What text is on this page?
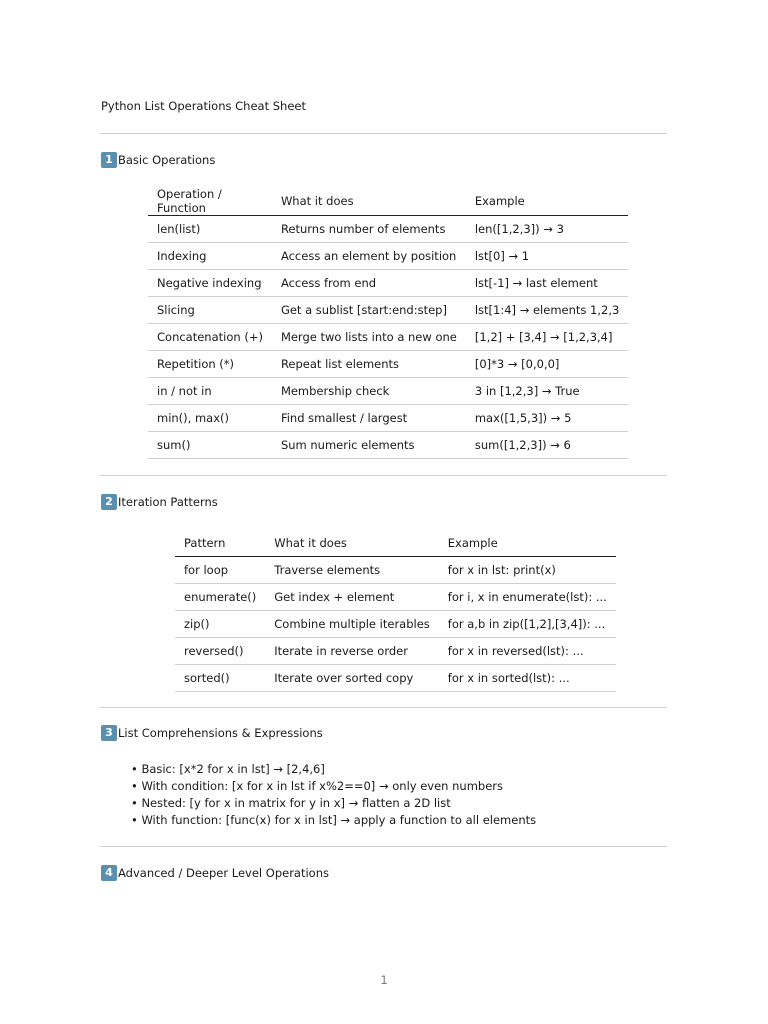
Python List Operations Cheat Sheet
1 Basic Operations
Operation / Function	What it does	Example
len(list)	Returns number of elements	len([1,2,3]) → 3
Indexing	Access an element by position	lst[0] → 1
Negative indexing	Access from end	lst[-1] → last element
Slicing	Get a sublist [start:end:step]	lst[1:4] → elements 1,2,3
Concatenation (+)	Merge two lists into a new one	[1,2] + [3,4] → [1,2,3,4]
Repetition (*)	Repeat list elements	[0]*3 → [0,0,0]
in / not in	Membership check	3 in [1,2,3] → True
min(), max()	Find smallest / largest	max([1,5,3]) → 5
sum()	Sum numeric elements	sum([1,2,3]) → 6
2 Iteration Patterns
Pattern	What it does	Example
for loop	Traverse elements	for x in lst: print(x)
enumerate()	Get index + element	for i, x in enumerate(lst): ...
zip()	Combine multiple iterables	for a,b in zip([1,2],[3,4]): ...
reversed()	Iterate in reverse order	for x in reversed(lst): ...
sorted()	Iterate over sorted copy	for x in sorted(lst): ...
3 List Comprehensions & Expressions
• Basic: [x*2 for x in lst] → [2,4,6]
• With condition: [x for x in lst if x%2==0] → only even numbers
• Nested: [y for x in matrix for y in x] → flatten a 2D list
• With function: [func(x) for x in lst] → apply a function to all elements
4 Advanced / Deeper Level Operations
1
